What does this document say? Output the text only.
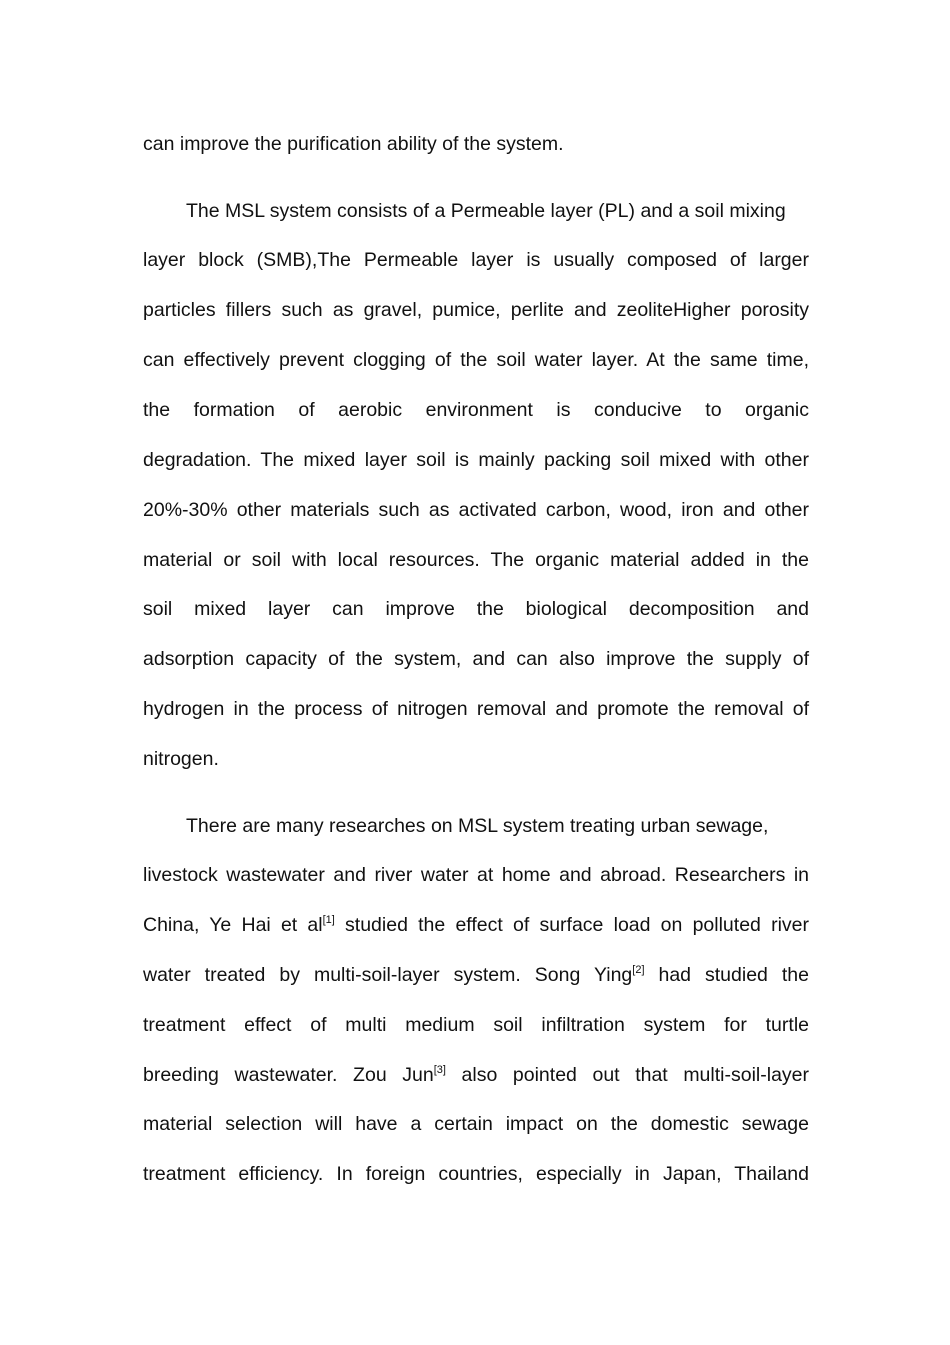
can improve the purification ability of the system.
The MSL system consists of a Permeable layer (PL) and a soil mixing
layer block (SMB),The Permeable layer is usually composed of larger
particles fillers such as gravel, pumice, perlite and zeoliteHigher porosity
can effectively prevent clogging of the soil water layer. At the same time,
the formation of aerobic environment is conducive to organic
degradation. The mixed layer soil is mainly packing soil mixed with other
20%-30% other materials such as activated carbon, wood, iron and other
material or soil with local resources. The organic material added in the
soil mixed layer can improve the biological decomposition and
adsorption capacity of the system, and can also improve the supply of
hydrogen in the process of nitrogen removal and promote the removal of
nitrogen.
There are many researches on MSL system treating urban sewage,
livestock wastewater and river water at home and abroad. Researchers in
China, Ye Hai et al[1] studied the effect of surface load on polluted river
water treated by multi-soil-layer system. Song Ying[2] had studied the
treatment effect of multi medium soil infiltration system for turtle
breeding wastewater. Zou Jun[3] also pointed out that multi-soil-layer
material selection will have a certain impact on the domestic sewage
treatment efficiency. In foreign countries, especially in Japan, Thailand
